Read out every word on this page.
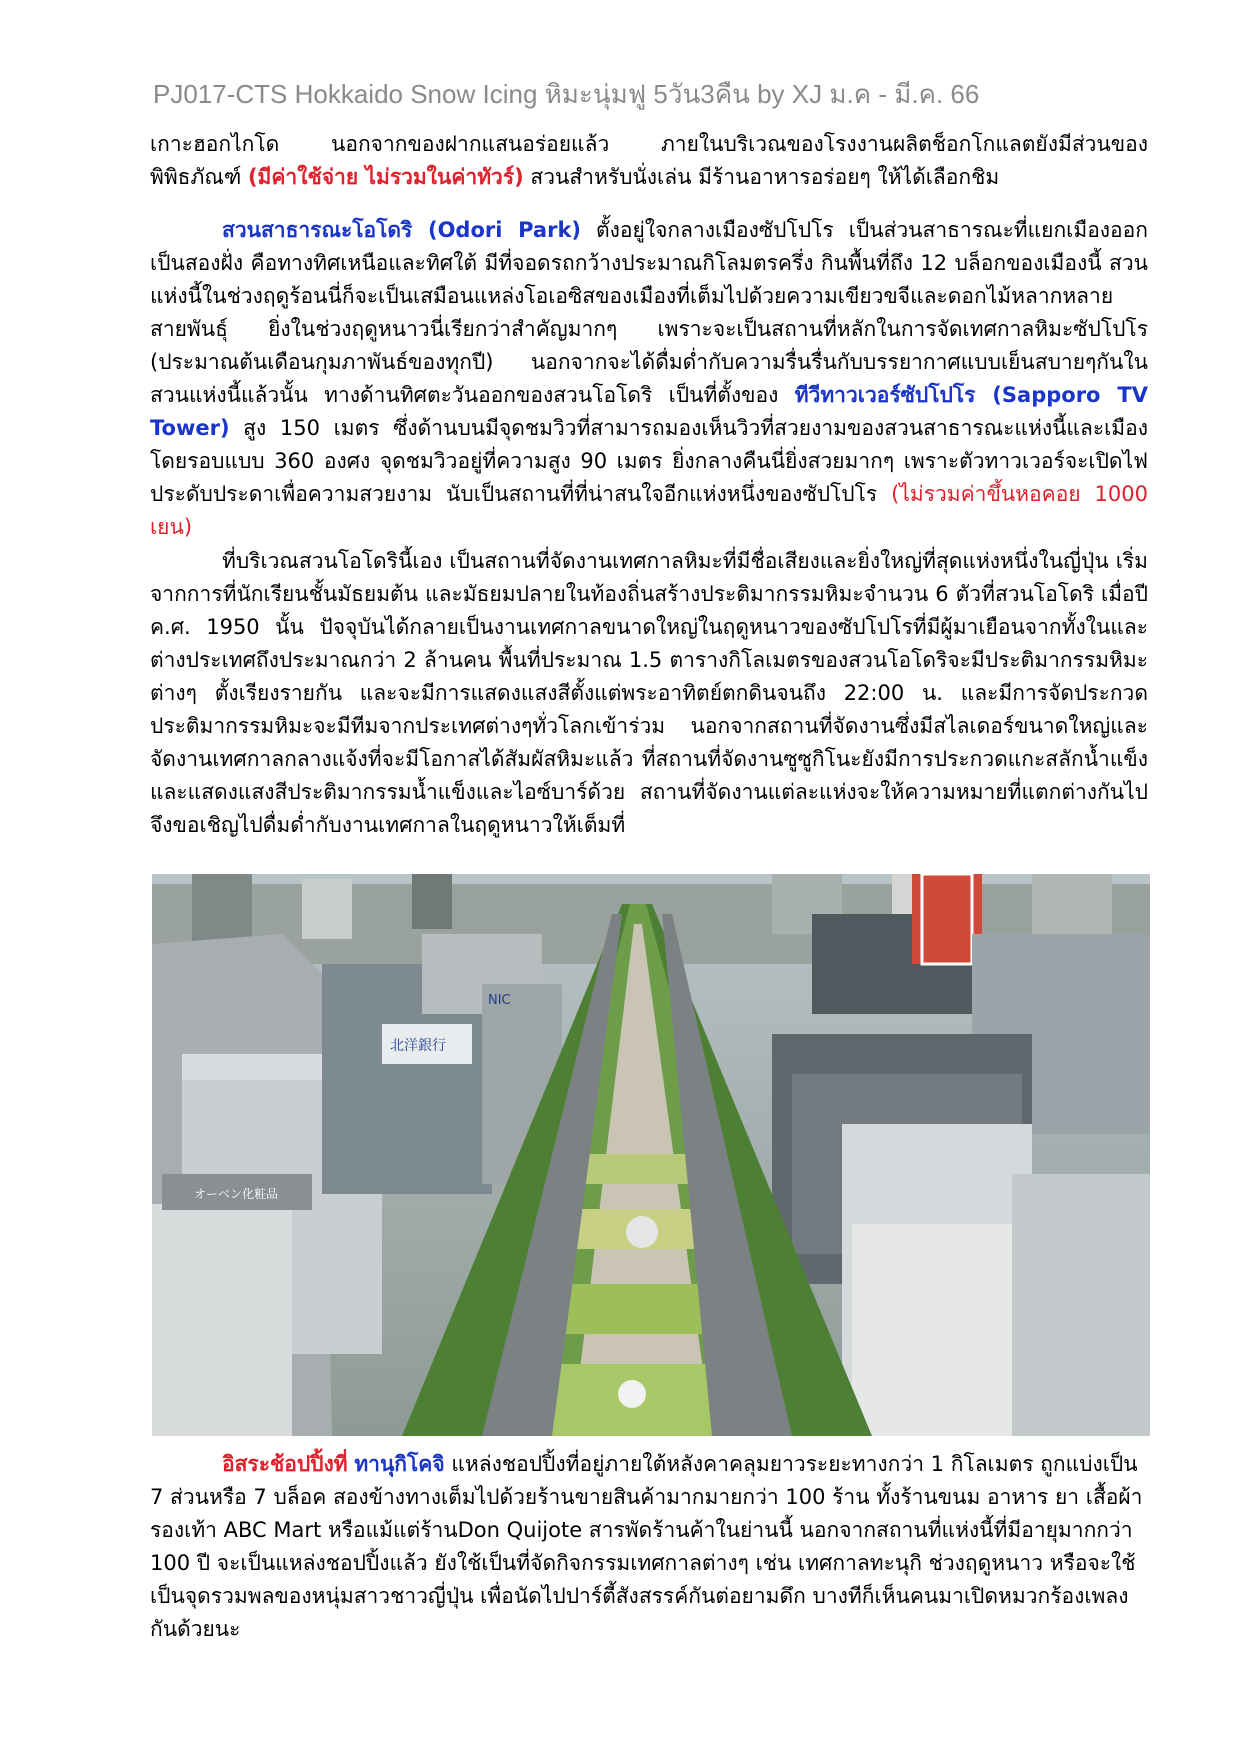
PJ017-CTS Hokkaido Snow Icing หิมะนุ่มฟู 5วัน3คืน by XJ ม.ค - มี.ค. 66

เกาะฮอกไกโด นอกจากของฝากแสนอร่อยแล้ว ภายในบริเวณของโรงงานผลิตช็อกโกแลตยังมีส่วนของพิพิธภัณฑ์ (มีค่าใช้จ่าย ไม่รวมในค่าทัวร์) สวนสำหรับนั่งเล่น มีร้านอาหารอร่อยๆ ให้ได้เลือกชิม

สวนสาธารณะโอโดริ (Odori Park) ตั้งอยู่ใจกลางเมืองซัปโปโร เป็นส่วนสาธารณะที่แยกเมืองออกเป็นสองฝั่ง คือทางทิศเหนือและทิศใต้ มีที่จอดรถกว้างประมาณกิโลมตรครึ่ง กินพื้นที่ถึง 12 บล็อกของเมืองนี้ สวนแห่งนี้ในช่วงฤดูร้อนนี่ก็จะเป็นเสมือนแหล่งโอเอซิสของเมืองที่เต็มไปด้วยความเขียวขจีและดอกไม้หลากหลายสายพันธุ์ ยิ่งในช่วงฤดูหนาวนี่เรียกว่าสำคัญมากๆ เพราะจะเป็นสถานที่หลักในการจัดเทศกาลหิมะซัปโปโร (ประมาณต้นเดือนกุมภาพันธ์ของทุกปี) นอกจากจะได้ดื่มด่ำกับความรื่นรื่นกับบรรยากาศแบบเย็นสบายๆกันในสวนแห่งนี้แล้วนั้น ทางด้านทิศตะวันออกของสวนโอโดริ เป็นที่ตั้งของ ทีวีทาวเวอร์ซัปโปโร (Sapporo TV Tower) สูง 150 เมตร ซึ่งด้านบนมีจุดชมวิวที่สามารถมองเห็นวิวที่สวยงามของสวนสาธารณะแห่งนี้และเมือง โดยรอบแบบ 360 องศง จุดชมวิวอยู่ที่ความสูง 90 เมตร ยิ่งกลางคืนนี่ยิ่งสวยมากๆ เพราะตัวทาวเวอร์จะเปิดไฟประดับประดาเพื่อความสวยงาม นับเป็นสถานที่ที่น่าสนใจอีกแห่งหนึ่งของซัปโปโร (ไม่รวมค่าขึ้นหอคอย 1000 เยน)

ที่บริเวณสวนโอโดรินี้เอง เป็นสถานที่จัดงานเทศกาลหิมะที่มีชื่อเสียงและยิ่งใหญ่ที่สุดแห่งหนึ่งในญี่ปุ่น เริ่มจากการที่นักเรียนชั้นมัธยมต้น และมัธยมปลายในท้องถิ่นสร้างประติมากรรมหิมะจำนวน 6 ตัวที่สวนโอโดริ เมื่อปี ค.ศ. 1950 นั้น ปัจจุบันได้กลายเป็นงานเทศกาลขนาดใหญ่ในฤดูหนาวของซัปโปโรที่มีผู้มาเยือนจากทั้งในและต่างประเทศถึงประมาณกว่า 2 ล้านคน พื้นที่ประมาณ 1.5 ตารางกิโลเมตรของสวนโอโดริจะมีประติมากรรมหิมะต่างๆ ตั้งเรียงรายกัน และจะมีการแสดงแสงสีตั้งแต่พระอาทิตย์ตกดินจนถึง 22:00 น. และมีการจัดประกวดประติมากรรมหิมะจะมีทีมจากประเทศต่างๆทั่วโลกเข้าร่วม นอกจากสถานที่จัดงานซึ่งมีสไลเดอร์ขนาดใหญ่และจัดงานเทศกาลกลางแจ้งที่จะมีโอกาสได้สัมผัสหิมะแล้ว ที่สถานที่จัดงานซูซูกิโนะยังมีการประกวดแกะสลักน้ำแข็ง และแสดงแสงสีประติมากรรมน้ำแข็งและไอซ์บาร์ด้วย สถานที่จัดงานแต่ละแห่งจะให้ความหมายที่แตกต่างกันไป จึงขอเชิญไปดื่มด่ำกับงานเทศกาลในฤดูหนาวให้เต็มที่

北洋銀行
オーベン化粧品
NIC

อิสระช้อปปิ้งที่ ทานุกิโคจิ แหล่งชอปปิ้งที่อยู่ภายใต้หลังคาคลุมยาวระยะทางกว่า 1 กิโลเมตร ถูกแบ่งเป็น 7 ส่วนหรือ 7 บล็อค สองข้างทางเต็มไปด้วยร้านขายสินค้ามากมายกว่า 100 ร้าน ทั้งร้านขนม อาหาร ยา เสื้อผ้า รองเท้า ABC Mart หรือแม้แต่ร้านDon Quijote สารพัดร้านค้าในย่านนี้ นอกจากสถานที่แห่งนี้ที่มีอายุมากกว่า 100 ปี จะเป็นแหล่งชอปปิ้งแล้ว ยังใช้เป็นที่จัดกิจกรรมเทศกาลต่างๆ เช่น เทศกาลทะนุกิ ช่วงฤดูหนาว หรือจะใช้เป็นจุดรวมพลของหนุ่มสาวชาวญี่ปุ่น เพื่อนัดไปปาร์ตี้สังสรรค์กันต่อยามดึก บางทีก็เห็นคนมาเปิดหมวกร้องเพลงกันด้วยนะ
